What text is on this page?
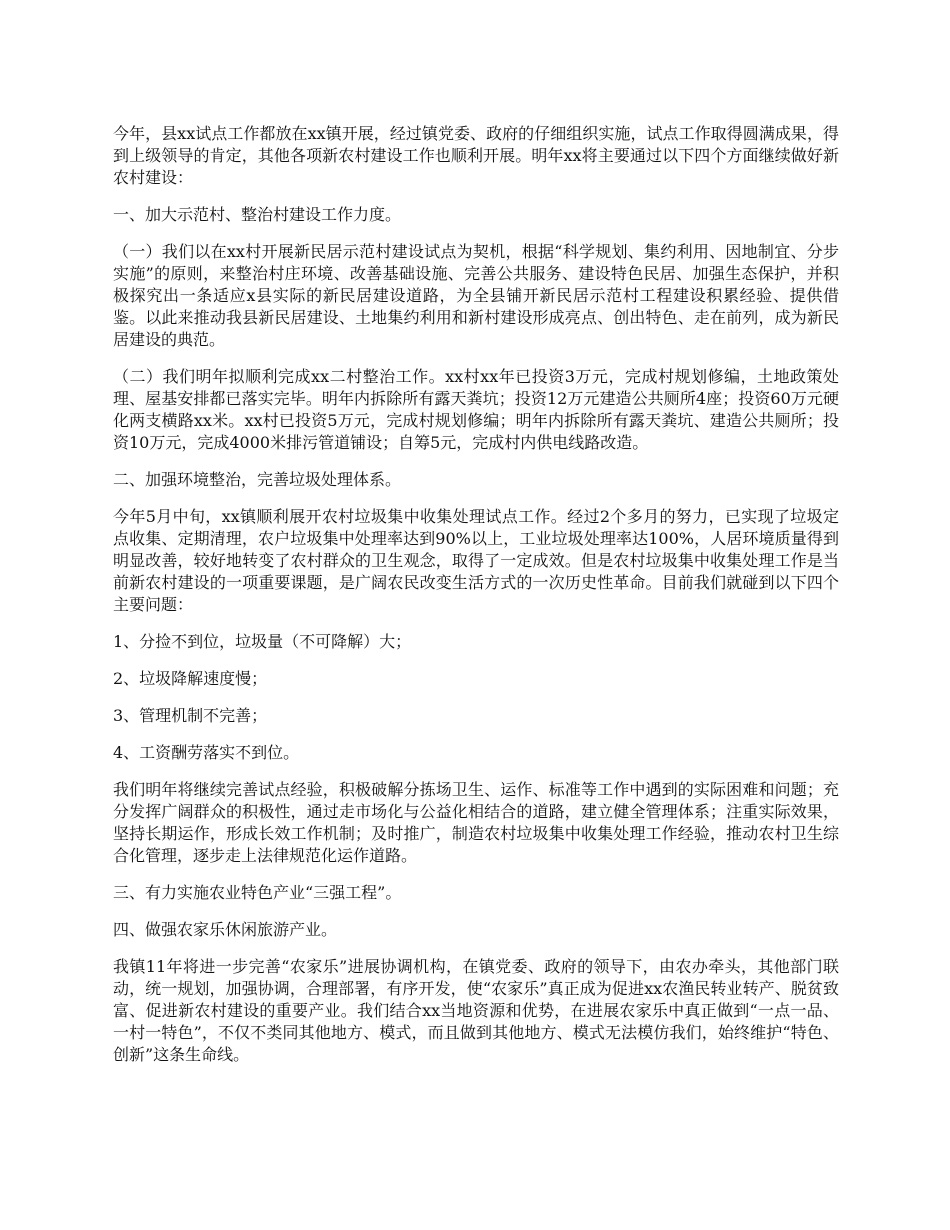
今年，县xx试点工作都放在xx镇开展，经过镇党委、政府的仔细组织实施，试点工作取得圆满成果，得到上级领导的肯定，其他各项新农村建设工作也顺利开展。明年xx将主要通过以下四个方面继续做好新农村建设：

一、加大示范村、整治村建设工作力度。

（一）我们以在xx村开展新民居示范村建设试点为契机，根据“科学规划、集约利用、因地制宜、分步实施”的原则，来整治村庄环境、改善基础设施、完善公共服务、建设特色民居、加强生态保护，并积极探究出一条适应x县实际的新民居建设道路，为全县铺开新民居示范村工程建设积累经验、提供借鉴。以此来推动我县新民居建设、土地集约利用和新村建设形成亮点、创出特色、走在前列，成为新民居建设的典范。

（二）我们明年拟顺利完成xx二村整治工作。xx村xx年已投资3万元，完成村规划修编，土地政策处理、屋基安排都已落实完毕。明年内拆除所有露天粪坑；投资12万元建造公共厕所4座；投资60万元硬化两支横路xx米。xx村已投资5万元，完成村规划修编；明年内拆除所有露天粪坑、建造公共厕所；投资10万元，完成4000米排污管道铺设；自筹5元，完成村内供电线路改造。

二、加强环境整治，完善垃圾处理体系。

今年5月中旬，xx镇顺利展开农村垃圾集中收集处理试点工作。经过2个多月的努力，已实现了垃圾定点收集、定期清理，农户垃圾集中处理率达到90%以上，工业垃圾处理率达100%，人居环境质量得到明显改善，较好地转变了农村群众的卫生观念，取得了一定成效。但是农村垃圾集中收集处理工作是当前新农村建设的一项重要课题，是广阔农民改变生活方式的一次历史性革命。目前我们就碰到以下四个主要问题：

1、分捡不到位，垃圾量（不可降解）大；

2、垃圾降解速度慢；

3、管理机制不完善；

4、工资酬劳落实不到位。

我们明年将继续完善试点经验，积极破解分拣场卫生、运作、标准等工作中遇到的实际困难和问题；充分发挥广阔群众的积极性，通过走市场化与公益化相结合的道路，建立健全管理体系；注重实际效果，坚持长期运作，形成长效工作机制；及时推广，制造农村垃圾集中收集处理工作经验，推动农村卫生综合化管理，逐步走上法律规范化运作道路。

三、有力实施农业特色产业“三强工程”。

四、做强农家乐休闲旅游产业。

我镇11年将进一步完善“农家乐”进展协调机构，在镇党委、政府的领导下，由农办牵头，其他部门联动，统一规划，加强协调，合理部署，有序开发，使“农家乐”真正成为促进xx农渔民转业转产、脱贫致富、促进新农村建设的重要产业。我们结合xx当地资源和优势，在进展农家乐中真正做到“一点一品、一村一特色”，不仅不类同其他地方、模式，而且做到其他地方、模式无法模仿我们，始终维护“特色、创新”这条生命线。
